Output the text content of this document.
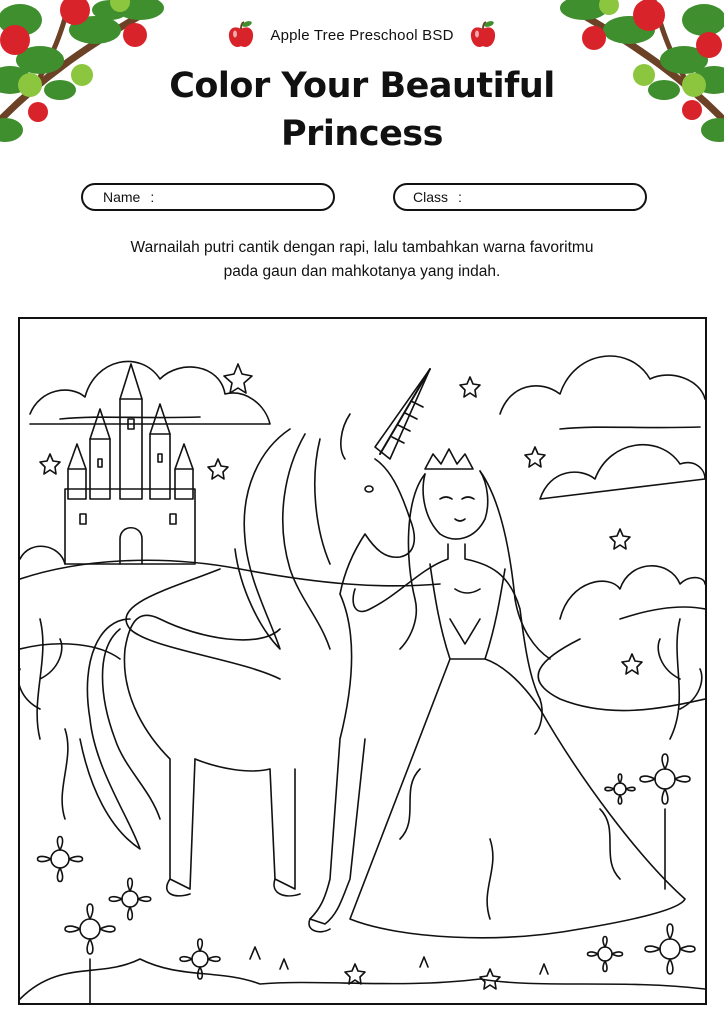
Apple Tree Preschool BSD
Color Your Beautiful
Princess
Name :	Class :
Warnailah putri cantik dengan rapi, lalu tambahkan warna favoritmu
pada gaun dan mahkotanya yang indah.
